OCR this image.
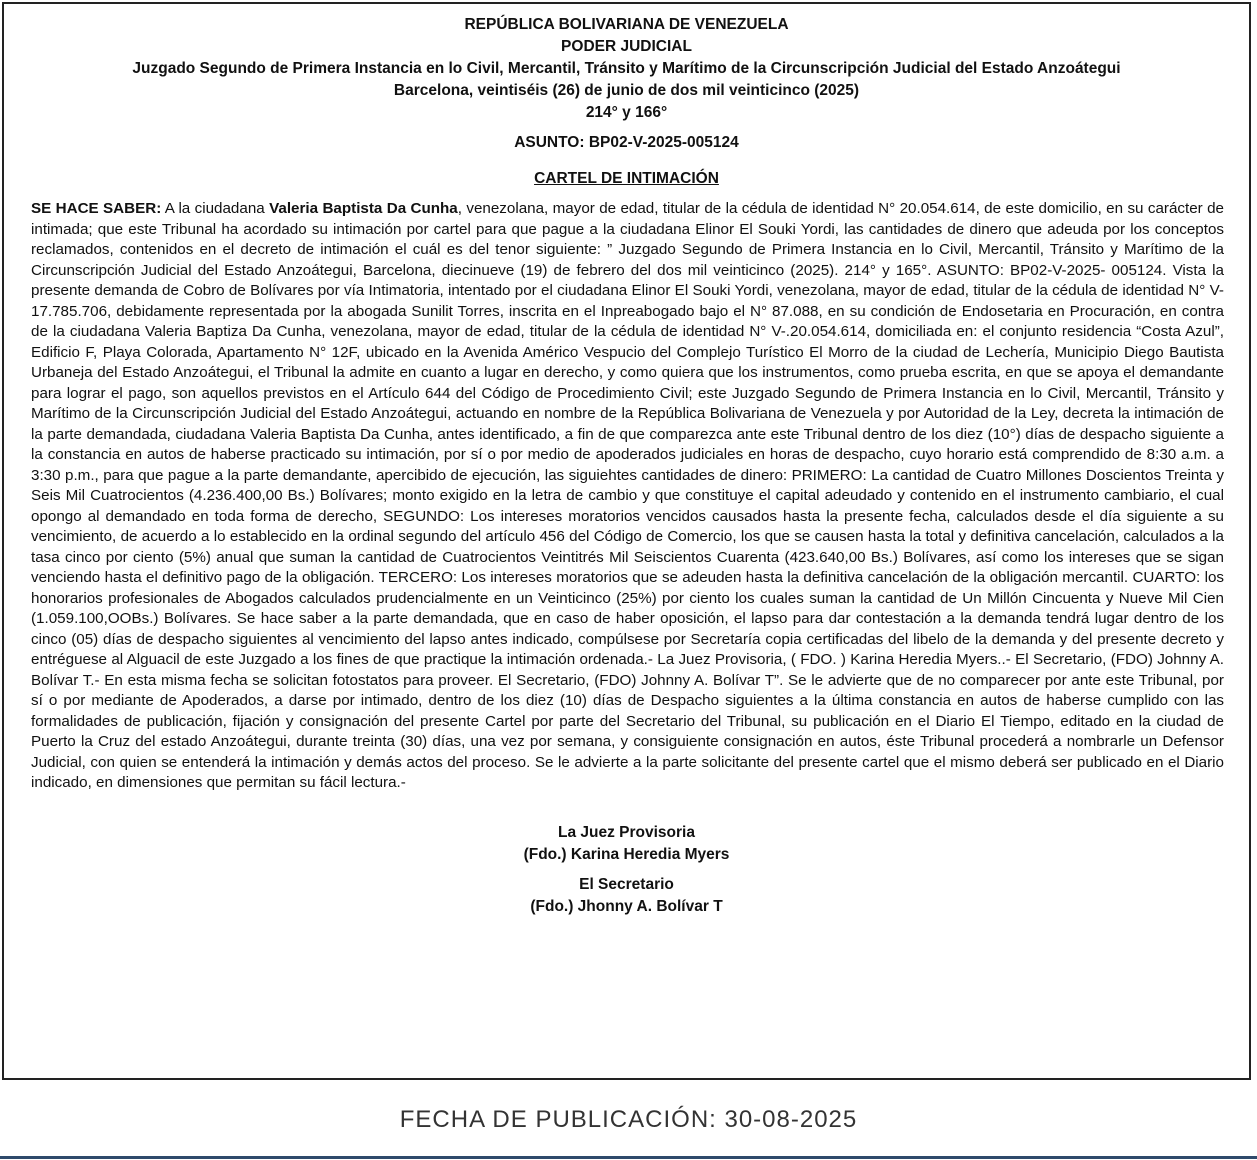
REPÚBLICA BOLIVARIANA DE VENEZUELA
PODER JUDICIAL
Juzgado Segundo de Primera Instancia en lo Civil, Mercantil, Tránsito y Marítimo de la Circunscripción Judicial del Estado Anzoátegui
Barcelona, veintiséis (26) de junio de dos mil veinticinco (2025)
214° y 166°
ASUNTO: BP02-V-2025-005124
CARTEL DE INTIMACIÓN
SE HACE SABER: A la ciudadana Valeria Baptista Da Cunha, venezolana, mayor de edad, titular de la cédula de identidad N° 20.054.614, de este domicilio, en su carácter de intimada; que este Tribunal ha acordado su intimación por cartel para que pague a la ciudadana Elinor El Souki Yordi, las cantidades de dinero que adeuda por los conceptos reclamados, contenidos en el decreto de intimación el cuál es del tenor siguiente: ” Juzgado Segundo de Primera Instancia en lo Civil, Mercantil, Tránsito y Marítimo de la Circunscripción Judicial del Estado Anzoátegui, Barcelona, diecinueve (19) de febrero del dos mil veinticinco (2025). 214° y 165°. ASUNTO: BP02-V-2025- 005124. Vista la presente demanda de Cobro de Bolívares por vía Intimatoria, intentado por el ciudadana Elinor El Souki Yordi, venezolana, mayor de edad, titular de la cédula de identidad N° V-17.785.706, debidamente representada por la abogada Sunilit Torres, inscrita en el Inpreabogado bajo el N° 87.088, en su condición de Endosetaria en Procuración, en contra de la ciudadana Valeria Baptiza Da Cunha, venezolana, mayor de edad, titular de la cédula de identidad N° V-.20.054.614, domiciliada en: el conjunto residencia “Costa Azul”, Edificio F, Playa Colorada, Apartamento N° 12F, ubicado en la Avenida Américo Vespucio del Complejo Turístico El Morro de la ciudad de Lechería, Municipio Diego Bautista Urbaneja del Estado Anzoátegui, el Tribunal la admite en cuanto a lugar en derecho, y como quiera que los instrumentos, como prueba escrita, en que se apoya el demandante para lograr el pago, son aquellos previstos en el Artículo 644 del Código de Procedimiento Civil; este Juzgado Segundo de Primera Instancia en lo Civil, Mercantil, Tránsito y Marítimo de la Circunscripción Judicial del Estado Anzoátegui, actuando en nombre de la República Bolivariana de Venezuela y por Autoridad de la Ley, decreta la intimación de la parte demandada, ciudadana Valeria Baptista Da Cunha, antes identificado, a fin de que comparezca ante este Tribunal dentro de los diez (10°) días de despacho siguiente a la constancia en autos de haberse practicado su intimación, por sí o por medio de apoderados judiciales en horas de despacho, cuyo horario está comprendido de 8:30 a.m. a 3:30 p.m., para que pague a la parte demandante, apercibido de ejecución, las siguiehtes cantidades de dinero: PRIMERO: La cantidad de Cuatro Millones Doscientos Treinta y Seis Mil Cuatrocientos (4.236.400,00 Bs.) Bolívares; monto exigido en la letra de cambio y que constituye el capital adeudado y contenido en el instrumento cambiario, el cual opongo al demandado en toda forma de derecho, SEGUNDO: Los intereses moratorios vencidos causados hasta la presente fecha, calculados desde el día siguiente a su vencimiento, de acuerdo a lo establecido en la ordinal segundo del artículo 456 del Código de Comercio, los que se causen hasta la total y definitiva cancelación, calculados a la tasa cinco por ciento (5%) anual que suman la cantidad de Cuatrocientos Veintitrés Mil Seiscientos Cuarenta (423.640,00 Bs.) Bolívares, así como los intereses que se sigan venciendo hasta el definitivo pago de la obligación. TERCERO: Los intereses moratorios que se adeuden hasta la definitiva cancelación de la obligación mercantil. CUARTO: los honorarios profesionales de Abogados calculados prudencialmente en un Veinticinco (25%) por ciento los cuales suman la cantidad de Un Millón Cincuenta y Nueve Mil Cien (1.059.100,OOBs.) Bolívares. Se hace saber a la parte demandada, que en caso de haber oposición, el lapso para dar contestación a la demanda tendrá lugar dentro de los cinco (05) días de despacho siguientes al vencimiento del lapso antes indicado, compúlsese por Secretaría copia certificadas del libelo de la demanda y del presente decreto y entréguese al Alguacil de este Juzgado a los fines de que practique la intimación ordenada.- La Juez Provisoria, ( FDO. ) Karina Heredia Myers..- El Secretario, (FDO) Johnny A. Bolívar T.- En esta misma fecha se solicitan fotostatos para proveer. El Secretario, (FDO) Johnny A. Bolívar T”. Se le advierte que de no comparecer por ante este Tribunal, por sí o por mediante de Apoderados, a darse por intimado, dentro de los diez (10) días de Despacho siguientes a la última constancia en autos de haberse cumplido con las formalidades de publicación, fijación y consignación del presente Cartel por parte del Secretario del Tribunal, su publicación en el Diario El Tiempo, editado en la ciudad de Puerto la Cruz del estado Anzoátegui, durante treinta (30) días, una vez por semana, y consiguiente consignación en autos, éste Tribunal procederá a nombrarle un Defensor Judicial, con quien se entenderá la intimación y demás actos del proceso. Se le advierte a la parte solicitante del presente cartel que el mismo deberá ser publicado en el Diario indicado, en dimensiones que permitan su fácil lectura.-
La Juez Provisoria
(Fdo.) Karina Heredia Myers
El Secretario
(Fdo.) Jhonny A. Bolívar T
FECHA DE PUBLICACIÓN: 30-08-2025
